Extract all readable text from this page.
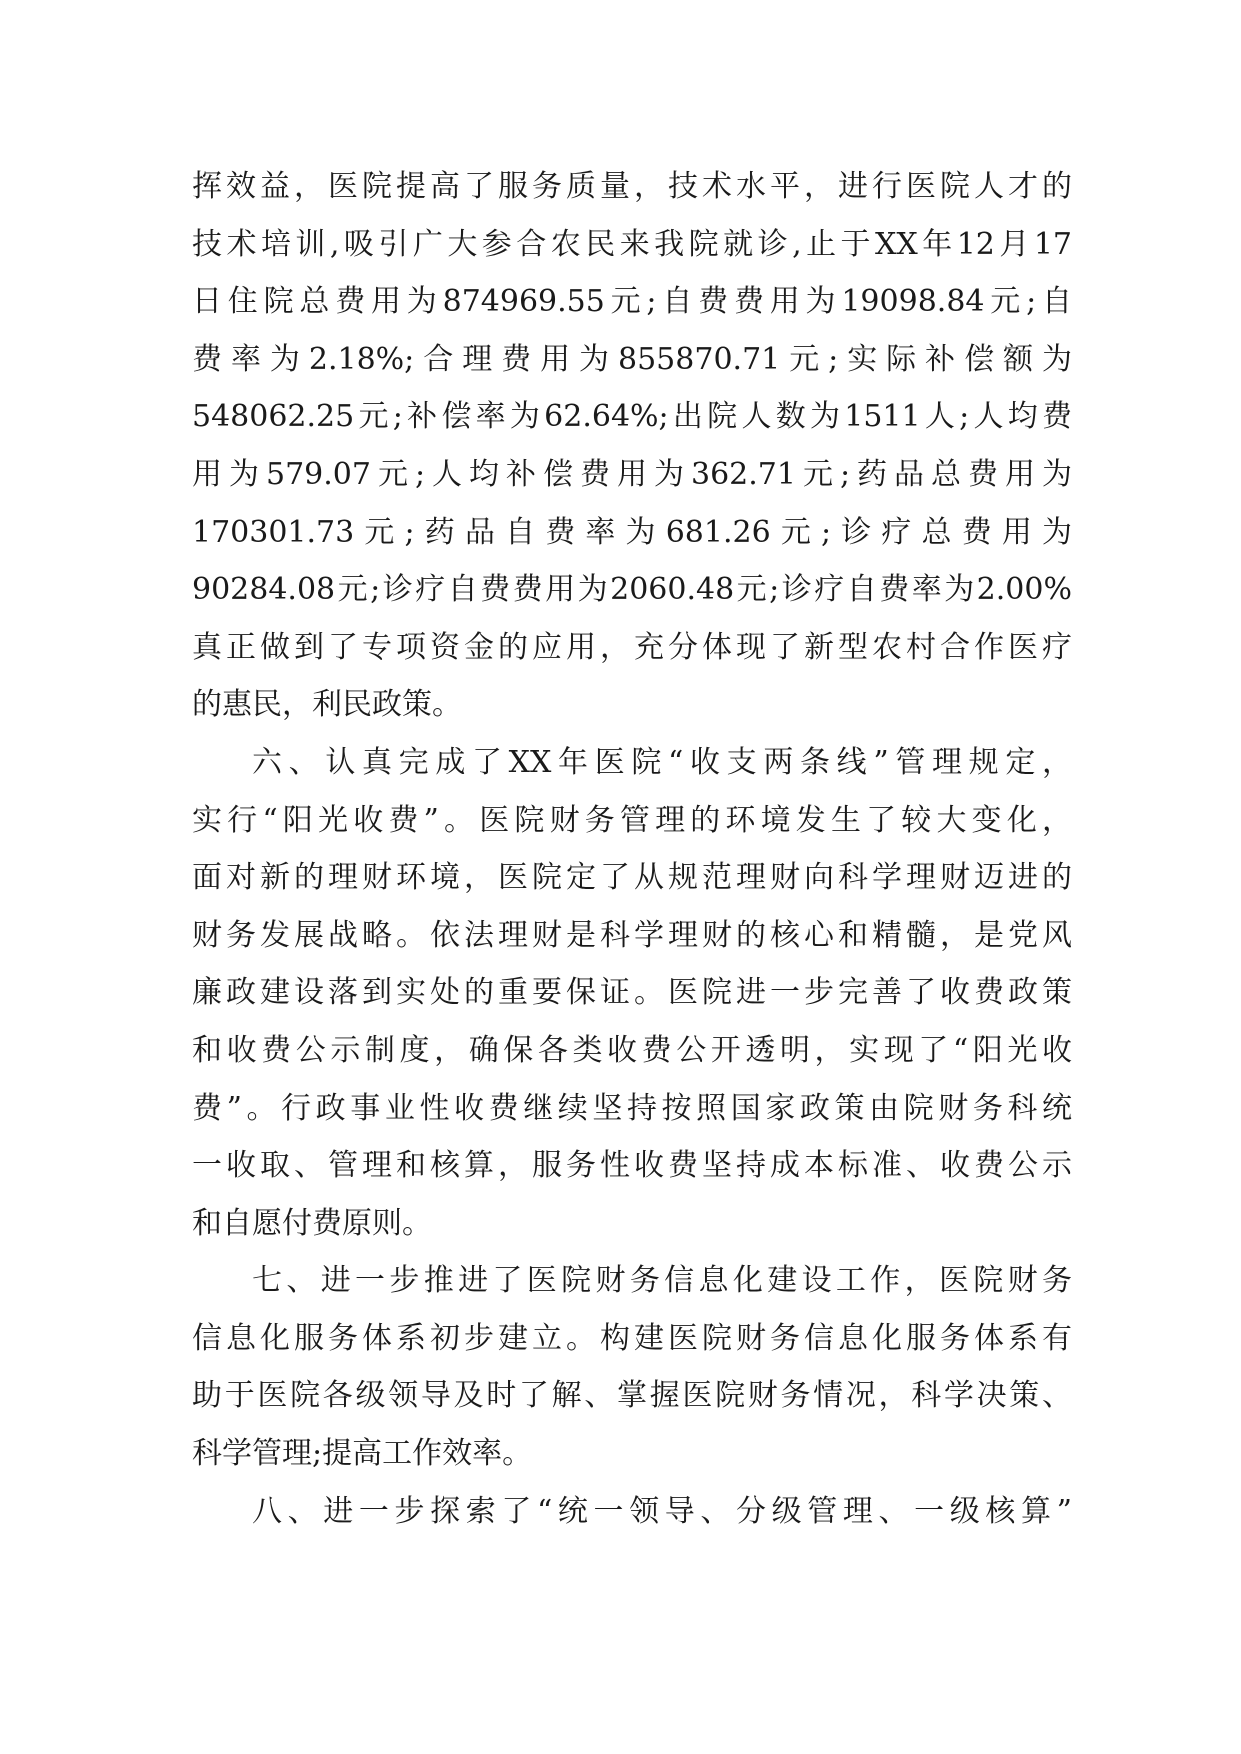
挥效益，医院提高了服务质量，技术水平，进行医院人才的
技术培训,吸引广大参合农民来我院就诊,止于XX年12月17
日住院总费用为874969.55元;自费费用为19098.84元;自
费率为2.18%;合理费用为855870.71元;实际补偿额为
548062.25元;补偿率为62.64%;出院人数为1511人;人均费
用为579.07元;人均补偿费用为362.71元;药品总费用为
170301.73元;药品自费率为681.26元;诊疗总费用为
90284.08元;诊疗自费费用为2060.48元;诊疗自费率为2.00%
真正做到了专项资金的应用，充分体现了新型农村合作医疗
的惠民，利民政策。
六、认真完成了XX年医院“收支两条线”管理规定，
实行“阳光收费”。医院财务管理的环境发生了较大变化，
面对新的理财环境，医院定了从规范理财向科学理财迈进的
财务发展战略。依法理财是科学理财的核心和精髓，是党风
廉政建设落到实处的重要保证。医院进一步完善了收费政策
和收费公示制度，确保各类收费公开透明，实现了“阳光收
费”。行政事业性收费继续坚持按照国家政策由院财务科统
一收取、管理和核算，服务性收费坚持成本标准、收费公示
和自愿付费原则。
七、进一步推进了医院财务信息化建设工作，医院财务
信息化服务体系初步建立。构建医院财务信息化服务体系有
助于医院各级领导及时了解、掌握医院财务情况，科学决策、
科学管理;提高工作效率。
八、进一步探索了“统一领导、分级管理、一级核算”
